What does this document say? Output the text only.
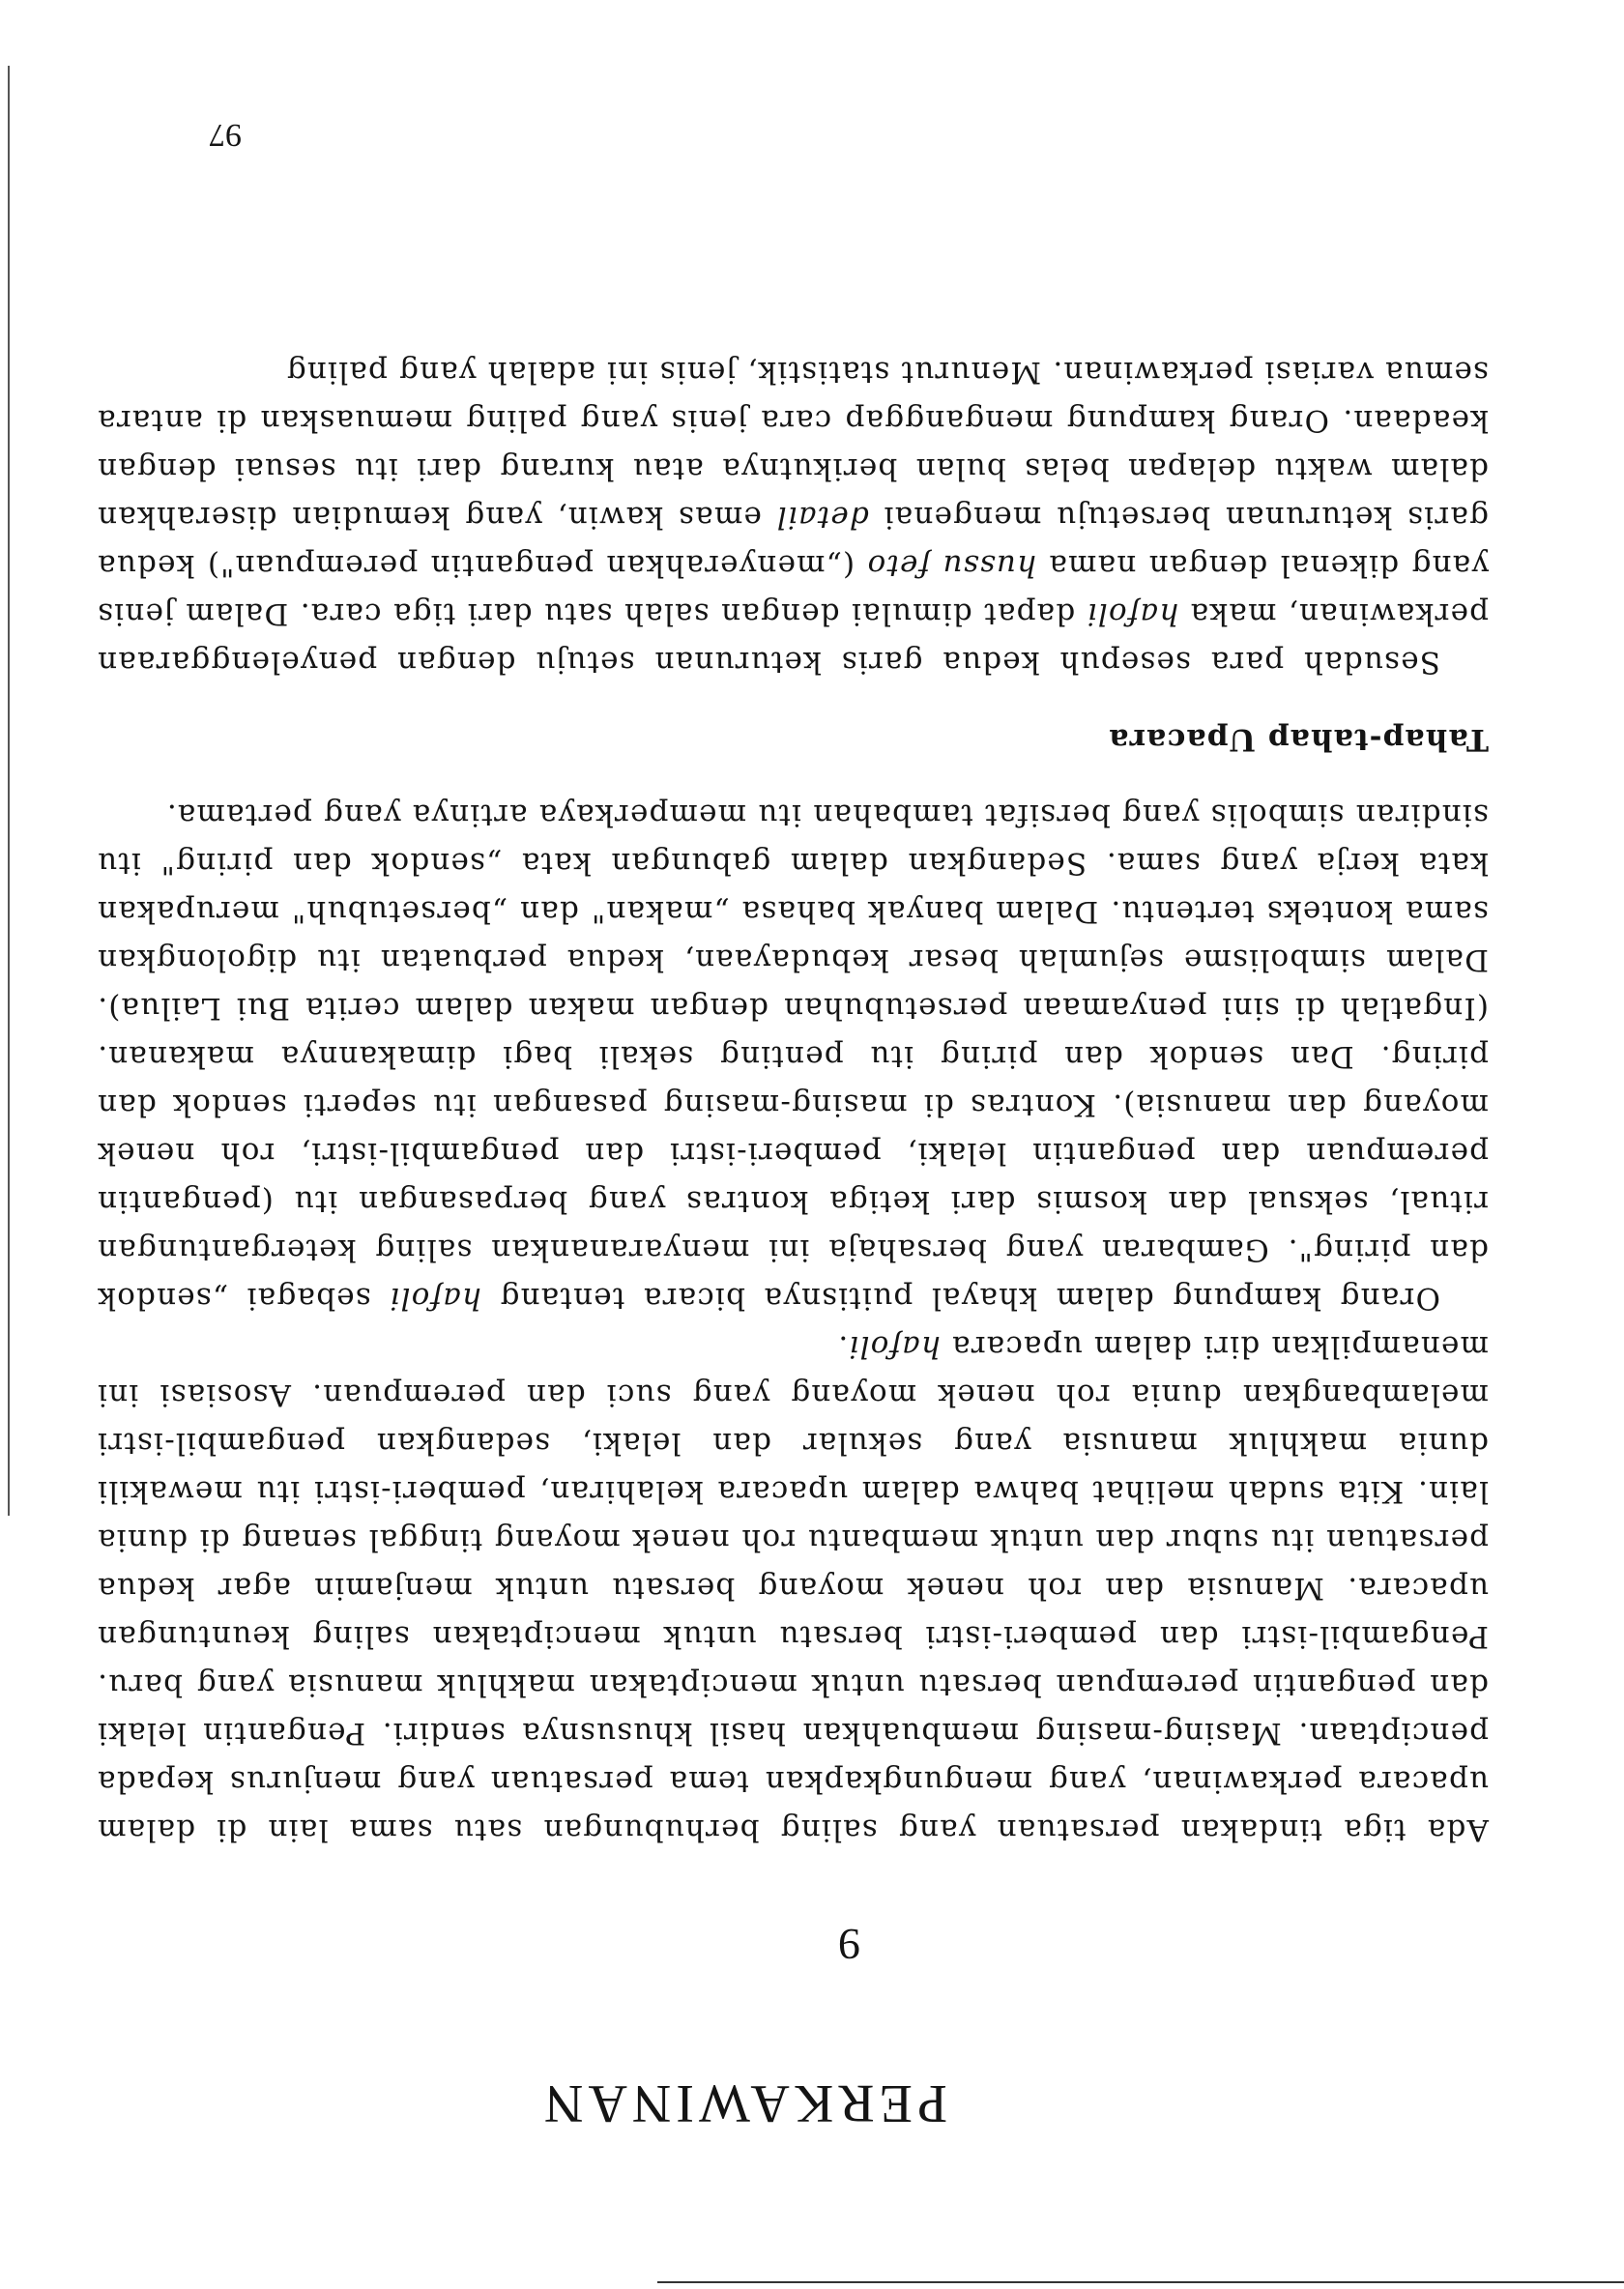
PERKAWINAN
9

Ada tiga tindakan persatuan yang saling berhubungan satu sama lain di dalam upacara perkawinan, yang mengungkapkan tema persatuan yang menjurus kepada penciptaan. Masing-masing membuahkan hasil khususnya sendiri. Pengantin lelaki dan pengantin perempuan bersatu untuk menciptakan makhluk manusia yang baru. Pengambil-istri dan pemberi-istri bersatu untuk menciptakan saling keuntungan upacara. Manusia dan roh nenek moyang bersatu untuk menjamin agar kedua persatuan itu subur dan untuk membantu roh nenek moyang tinggal senang di dunia lain. Kita sudah melihat bahwa dalam upacara kelahiran, pemberi-istri itu mewakili dunia makhluk manusia yang sekular dan lelaki, sedangkan pengambil-istri melambangkan dunia roh nenek moyang yang suci dan perempuan. Asosiasi ini menampilkan diri dalam upacara hafoli.

Orang kampung dalam khayal puitisnya bicara tentang hafoli sebagai „sendok dan piring". Gambaran yang bersahaja ini menyaranankan saling ketergantungan ritual, seksual dan kosmis dari ketiga kontras yang berpasangan itu (pengantin perempuan dan pengantin lelaki, pemberi-istri dan pengambil-istri, roh nenek moyang dan manusia). Kontras di masing-masing pasangan itu seperti sendok dan piring. Dan sendok dan piring itu penting sekali bagi dimakannya makanan. (Ingatlah di sini penyamaan persetubuhan dengan makan dalam cerita Bui Lailua). Dalam simbolisme sejumlah besar kebudayaan, kedua perbuatan itu digolongkan sama konteks tertentu. Dalam banyak bahasa „makan" dan „bersetubuh" merupakan kata kerja yang sama. Sedangkan dalam gabungan kata „sendok dan piring" itu sindiran simbolis yang bersifat tambahan itu memperkaya artinya yang pertama.

Tahap-tahap Upacara

Sesudah para sesepuh kedua garis keturunan setuju dengan penyelenggaraan perkawinan, maka hafoli dapat dimulai dengan salah satu dari tiga cara. Dalam jenis yang dikenal dengan nama hussu feto („menyerahkan pengantin perempuan") kedua garis keturunan bersetuju mengenai detail emas kawin, yang kemudian diserahkan dalam waktu delapan belas bulan berikutnya atau kurang dari itu sesuai dengan keadaan. Orang kampung menganggap cara jenis yang paling memuaskan di antara semua variasi perkawinan. Menurut statistik, jenis ini adalah yang paling

97
